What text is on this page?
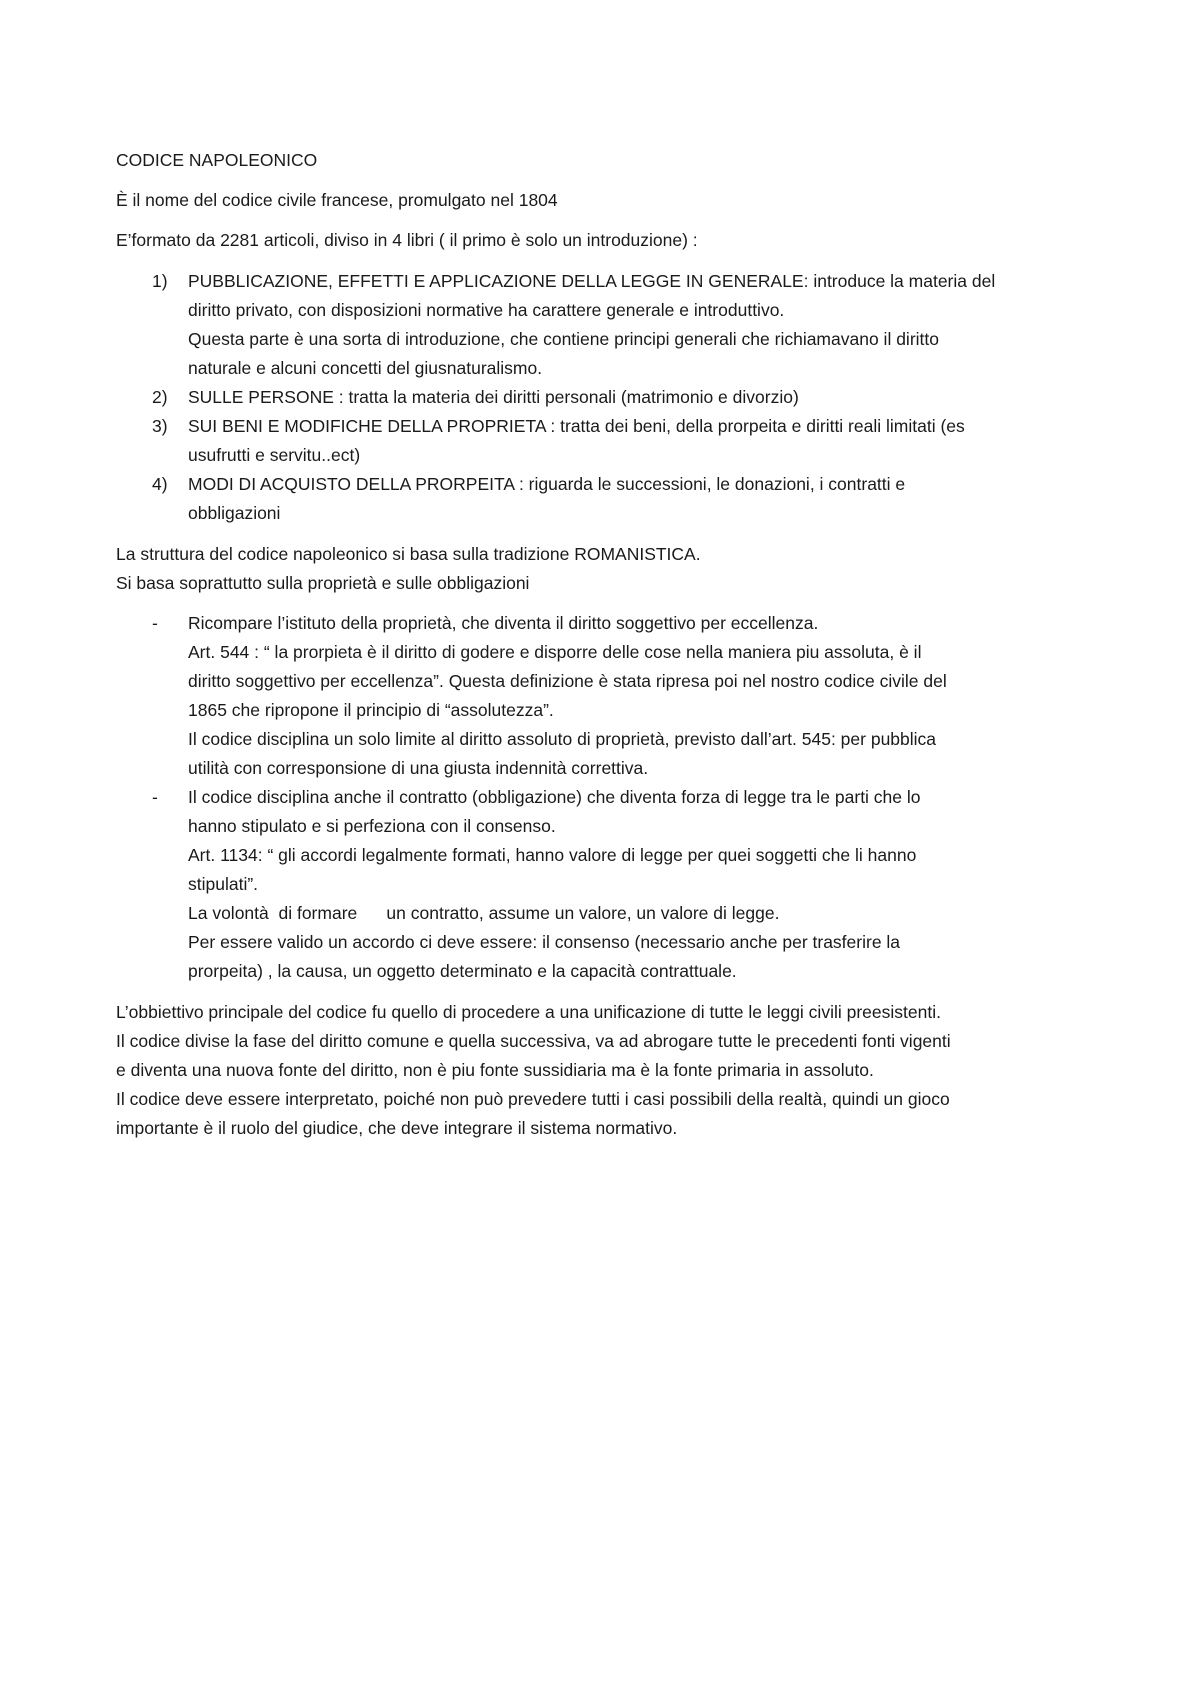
CODICE NAPOLEONICO

È il nome del codice civile francese, promulgato nel 1804

E’formato da 2281 articoli, diviso in 4 libri ( il primo è solo un introduzione) :

1) PUBBLICAZIONE, EFFETTI E APPLICAZIONE DELLA LEGGE IN GENERALE: introduce la materia del

diritto privato, con disposizioni normative ha carattere generale e introduttivo.

Questa parte è una sorta di introduzione, che contiene principi generali che richiamavano il diritto

naturale e alcuni concetti del giusnaturalismo.

2) SULLE PERSONE : tratta la materia dei diritti personali (matrimonio e divorzio)

3) SUI BENI E MODIFICHE DELLA PROPRIETA : tratta dei beni, della prorpeita e diritti reali limitati (es

usufrutti e servitu..ect)

4) MODI DI ACQUISTO DELLA PRORPEITA : riguarda le successioni, le donazioni, i contratti e

obbligazioni

La struttura del codice napoleonico si basa sulla tradizione ROMANISTICA.

Si basa soprattutto sulla proprietà e sulle obbligazioni

- Ricompare l’istituto della proprietà, che diventa il diritto soggettivo per eccellenza.

Art. 544 : “ la prorpieta è il diritto di godere e disporre delle cose nella maniera piu assoluta, è il

diritto soggettivo per eccellenza”. Questa definizione è stata ripresa poi nel nostro codice civile del

1865 che ripropone il principio di “assolutezza”.

Il codice disciplina un solo limite al diritto assoluto di proprietà, previsto dall’art. 545: per pubblica

utilità con corresponsione di una giusta indennità correttiva.

- Il codice disciplina anche il contratto (obbligazione) che diventa forza di legge tra le parti che lo

hanno stipulato e si perfeziona con il consenso.

Art. 1134: “ gli accordi legalmente formati, hanno valore di legge per quei soggetti che li hanno

stipulati”.

La volontà  di formare      un contratto, assume un valore, un valore di legge.

Per essere valido un accordo ci deve essere: il consenso (necessario anche per trasferire la

prorpeita) , la causa, un oggetto determinato e la capacità contrattuale.

L’obbiettivo principale del codice fu quello di procedere a una unificazione di tutte le leggi civili preesistenti.

Il codice divise la fase del diritto comune e quella successiva, va ad abrogare tutte le precedenti fonti vigenti

e diventa una nuova fonte del diritto, non è piu fonte sussidiaria ma è la fonte primaria in assoluto.

Il codice deve essere interpretato, poiché non può prevedere tutti i casi possibili della realtà, quindi un gioco

importante è il ruolo del giudice, che deve integrare il sistema normativo.
